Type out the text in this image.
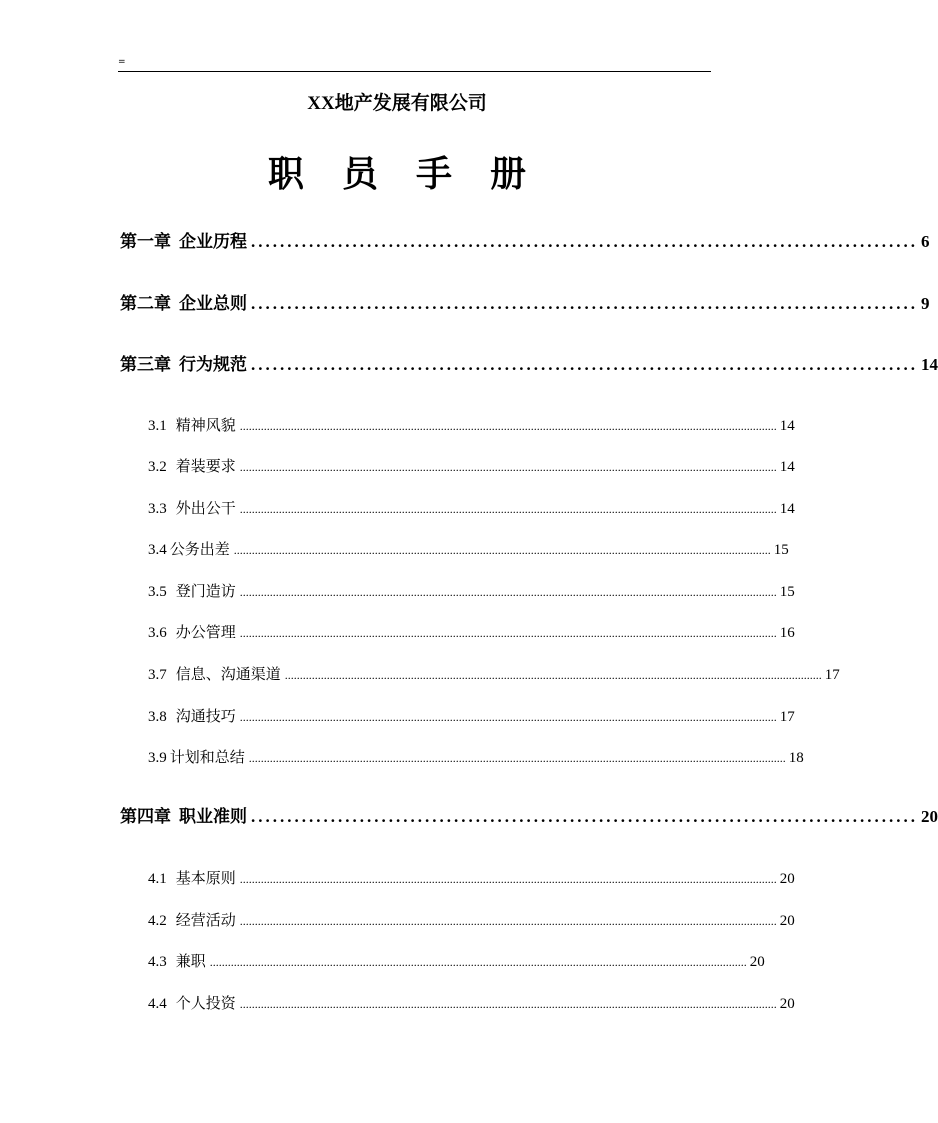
=
XX地产发展有限公司
职员手册
第一章 企业历程 ............................................................................................ 6
第二章 企业总则 ............................................................................................ 9
第三章 行为规范 ............................................................................................ 14
3.1 精神风貌 ................................................................................................................................................................................... 14
3.2 着装要求 ................................................................................................................................................................................... 14
3.3 外出公干 ................................................................................................................................................................................... 14
3.4 公务出差 ................................................................................................................................................................................... 15
3.5 登门造访 ................................................................................................................................................................................... 15
3.6 办公管理 ................................................................................................................................................................................... 16
3.7 信息、沟通渠道 ................................................................................................................................................................................... 17
3.8 沟通技巧 ................................................................................................................................................................................... 17
3.9 计划和总结 ................................................................................................................................................................................... 18
第四章 职业准则 ............................................................................................ 20
4.1 基本原则 ................................................................................................................................................................................... 20
4.2 经营活动 ................................................................................................................................................................................... 20
4.3 兼职 ................................................................................................................................................................................... 20
4.4 个人投资 ................................................................................................................................................................................... 20
